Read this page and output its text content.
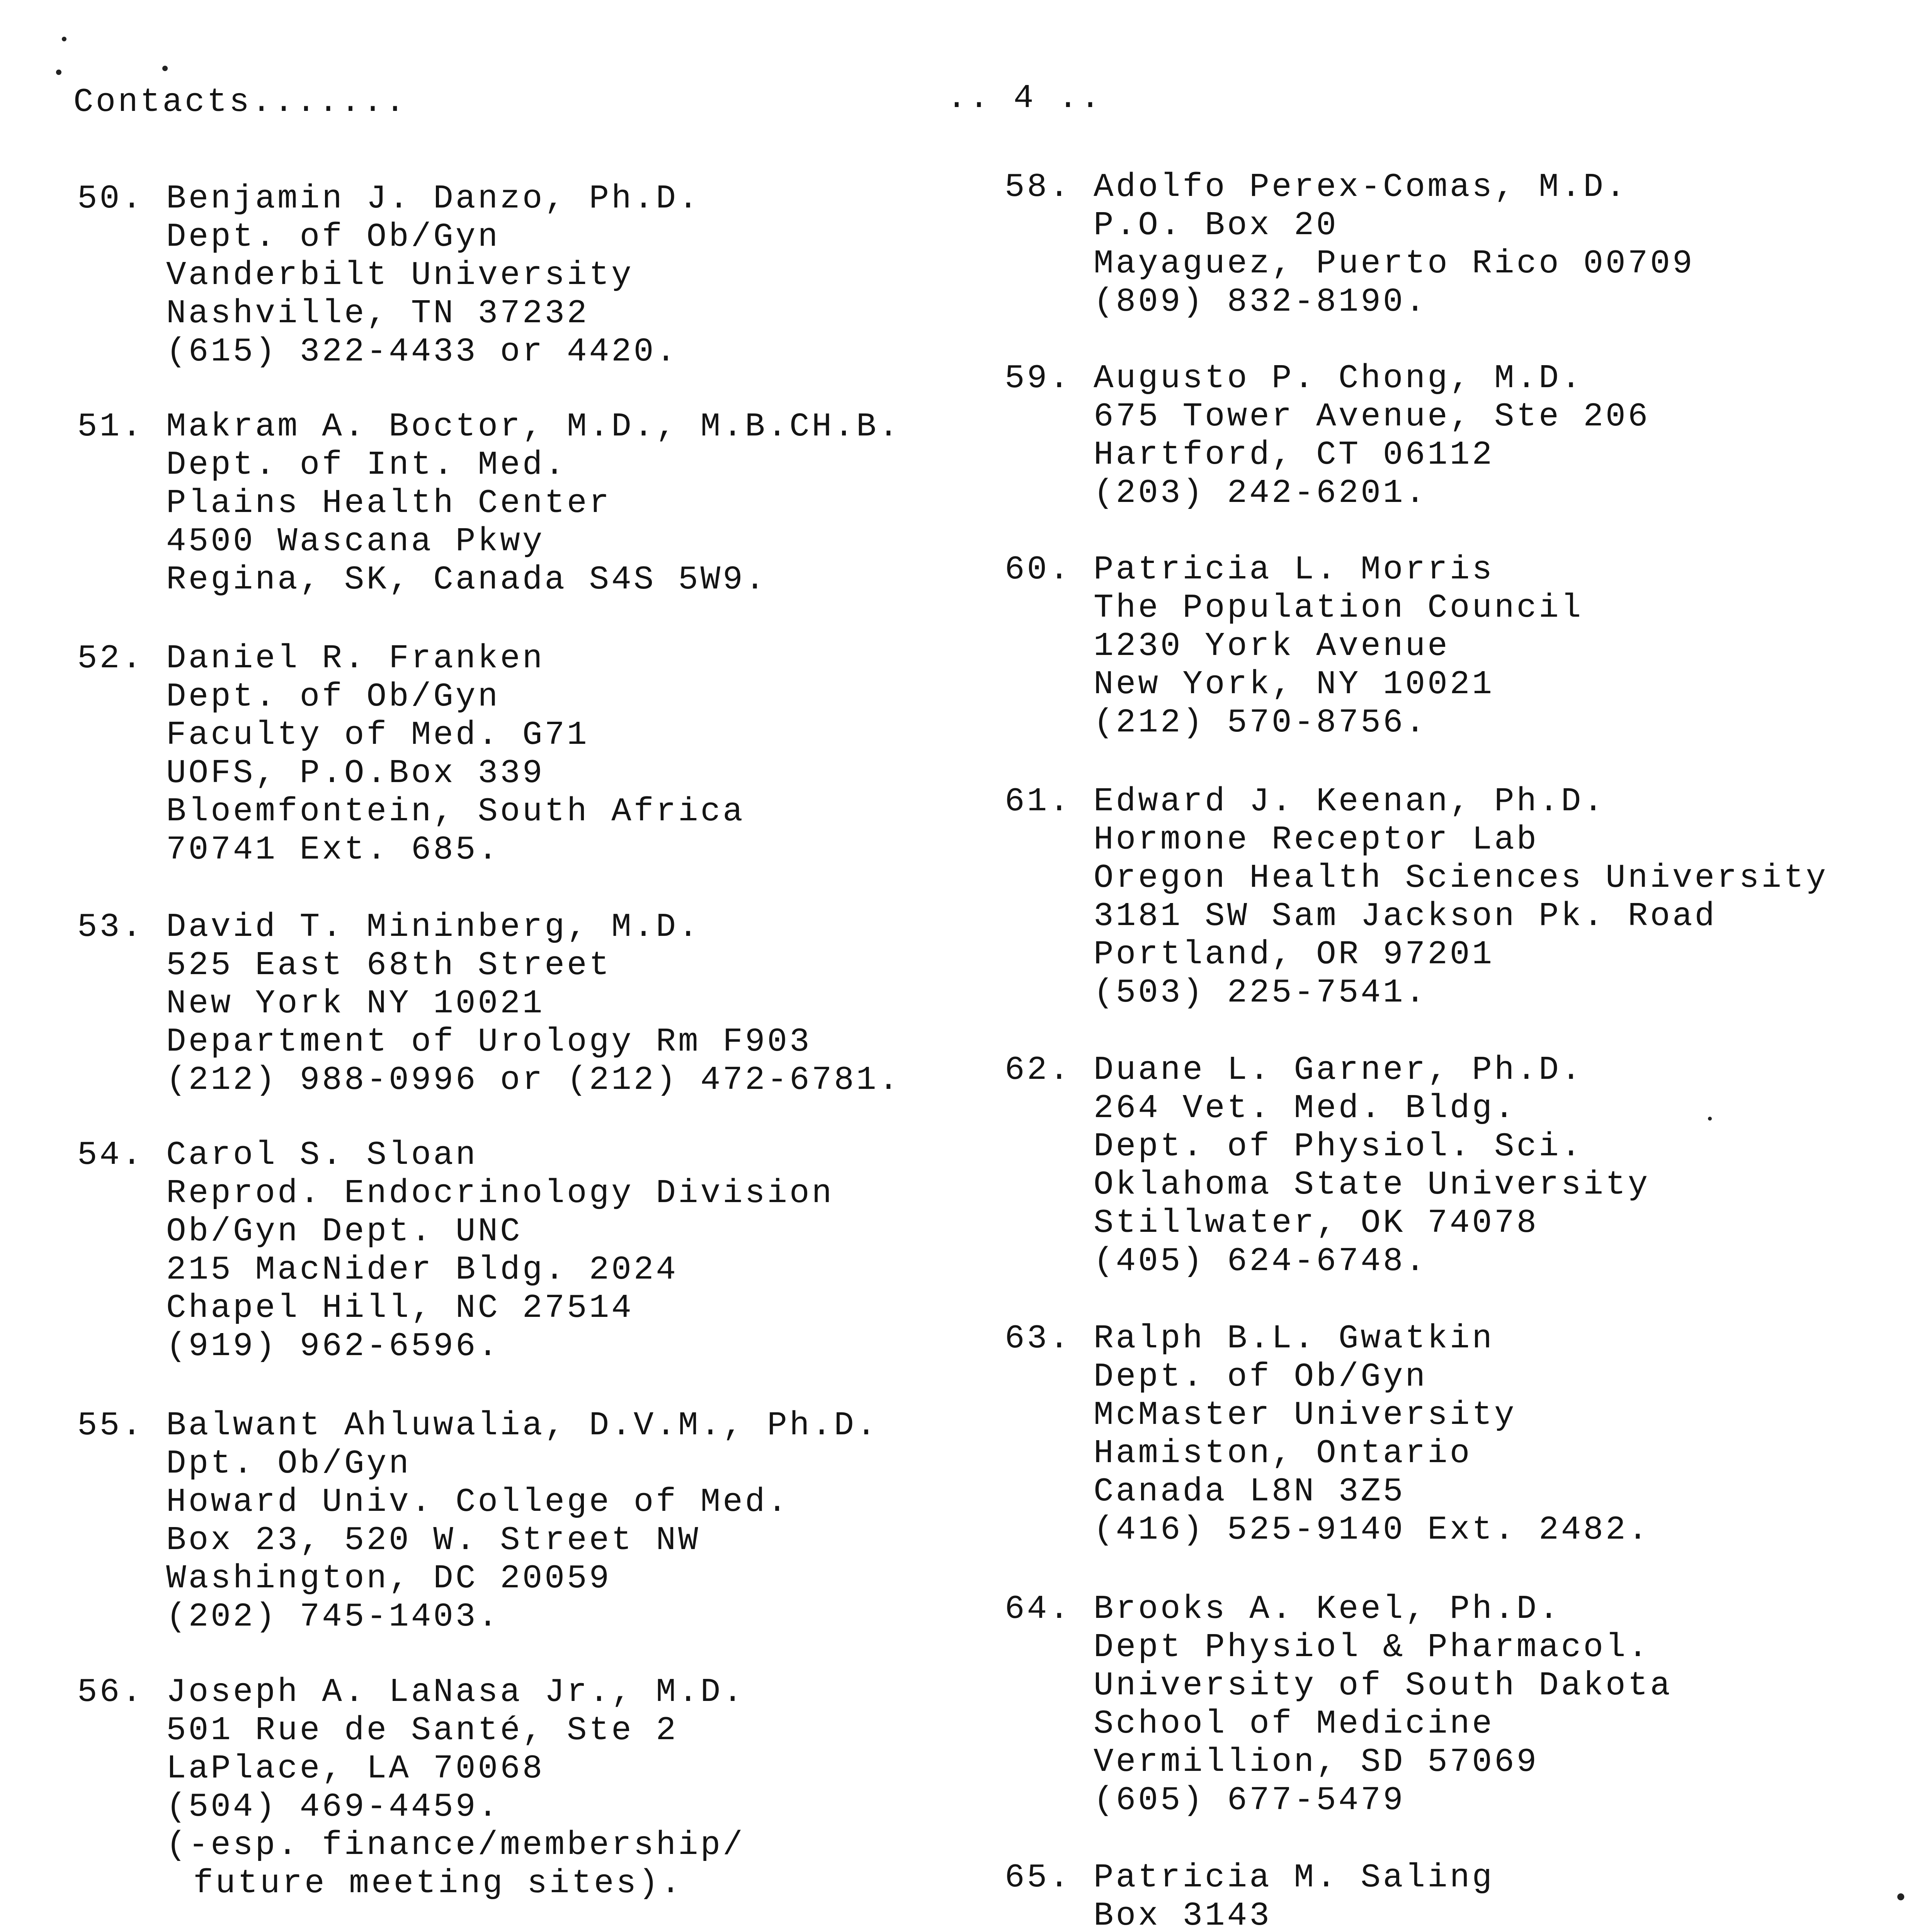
Contacts.......	.. 4 ..
50. Benjamin J. Danzo, Ph.D.
Dept. of Ob/Gyn
Vanderbilt University
Nashville, TN 37232
(615) 322-4433 or 4420.
51. Makram A. Boctor, M.D., M.B.CH.B.
Dept. of Int. Med.
Plains Health Center
4500 Wascana Pkwy
Regina, SK, Canada S4S 5W9.
52. Daniel R. Franken
Dept. of Ob/Gyn
Faculty of Med. G71
UOFS, P.O.Box 339
Bloemfontein, South Africa
70741 Ext. 685.
53. David T. Mininberg, M.D.
525 East 68th Street
New York NY 10021
Department of Urology Rm F903
(212) 988-0996 or (212) 472-6781.
54. Carol S. Sloan
Reprod. Endocrinology Division
Ob/Gyn Dept. UNC
215 MacNider Bldg. 2024
Chapel Hill, NC 27514
(919) 962-6596.
55. Balwant Ahluwalia, D.V.M., Ph.D.
Dpt. Ob/Gyn
Howard Univ. College of Med.
Box 23, 520 W. Street NW
Washington, DC 20059
(202) 745-1403.
56. Joseph A. LaNasa Jr., M.D.
501 Rue de Santé, Ste 2
LaPlace, LA 70068
(504) 469-4459.
(-esp. finance/membership/
future meeting sites).
58. Adolfo Perex-Comas, M.D.
P.O. Box 20
Mayaguez, Puerto Rico 00709
(809) 832-8190.
59. Augusto P. Chong, M.D.
675 Tower Avenue, Ste 206
Hartford, CT 06112
(203) 242-6201.
60. Patricia L. Morris
The Population Council
1230 York Avenue
New York, NY 10021
(212) 570-8756.
61. Edward J. Keenan, Ph.D.
Hormone Receptor Lab
Oregon Health Sciences University
3181 SW Sam Jackson Pk. Road
Portland, OR 97201
(503) 225-7541.
62. Duane L. Garner, Ph.D.
264 Vet. Med. Bldg.
Dept. of Physiol. Sci.
Oklahoma State University
Stillwater, OK 74078
(405) 624-6748.
63. Ralph B.L. Gwatkin
Dept. of Ob/Gyn
McMaster University
Hamiston, Ontario
Canada L8N 3Z5
(416) 525-9140 Ext. 2482.
64. Brooks A. Keel, Ph.D.
Dept Physiol & Pharmacol.
University of South Dakota
School of Medicine
Vermillion, SD 57069
(605) 677-5479
65. Patricia M. Saling
Box 3143
